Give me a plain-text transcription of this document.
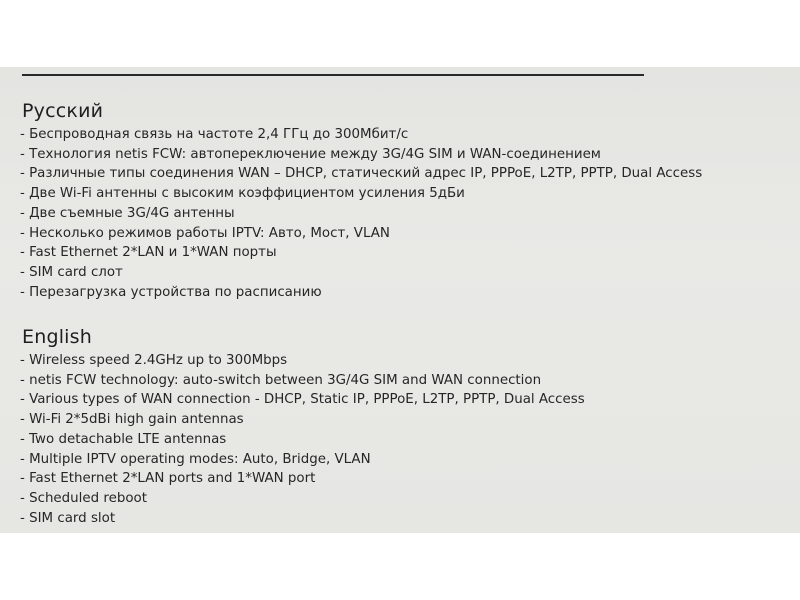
Русский
- Беспроводная связь на частоте 2,4 ГГц до 300Мбит/с
- Технология netis FCW: автопереключение между 3G/4G SIM и WAN-соединением
- Различные типы соединения WAN – DHCP, статический адрес IP, PPPoE, L2TP, PPTP, Dual Access
- Две Wi-Fi антенны с высоким коэффициентом усиления 5дБи
- Две съемные 3G/4G антенны
- Несколько режимов работы IPTV: Авто, Мост, VLAN
- Fast Ethernet 2*LAN и 1*WAN порты
- SIM card слот
- Перезагрузка устройства по расписанию
English
- Wireless speed 2.4GHz up to 300Mbps
- netis FCW technology: auto-switch between 3G/4G SIM and WAN connection
- Various types of WAN connection - DHCP, Static IP, PPPoE, L2TP, PPTP, Dual Access
- Wi-Fi 2*5dBi high gain antennas
- Two detachable LTE antennas
- Multiple IPTV operating modes: Auto, Bridge, VLAN
- Fast Ethernet 2*LAN ports and 1*WAN port
- Scheduled reboot
- SIM card slot
